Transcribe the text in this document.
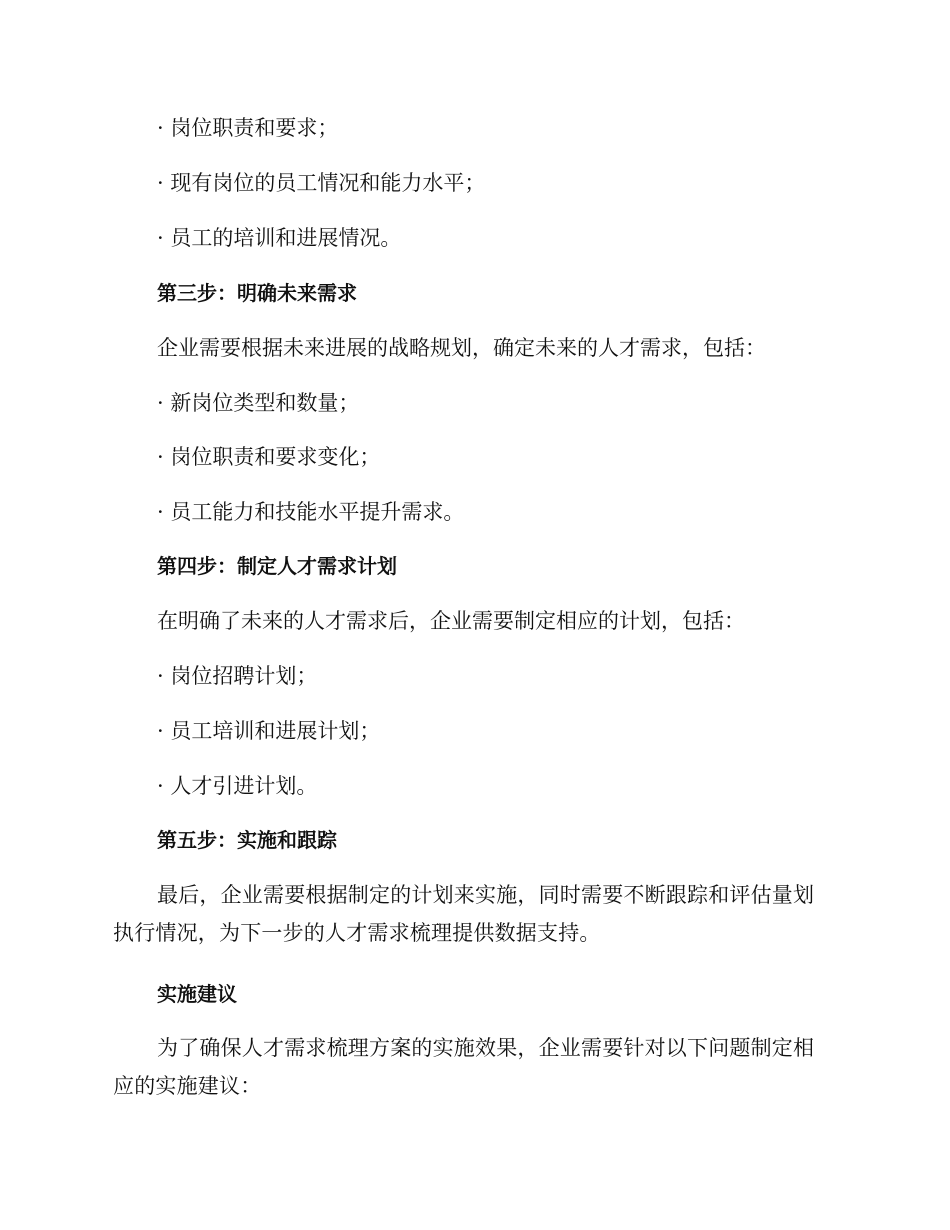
· 岗位职责和要求；
· 现有岗位的员工情况和能力水平；
· 员工的培训和进展情况。
第三步：明确未来需求
企业需要根据未来进展的战略规划，确定未来的人才需求，包括：
· 新岗位类型和数量；
· 岗位职责和要求变化；
· 员工能力和技能水平提升需求。
第四步：制定人才需求计划
在明确了未来的人才需求后，企业需要制定相应的计划，包括：
· 岗位招聘计划；
· 员工培训和进展计划；
· 人才引进计划。
第五步：实施和跟踪
最后，企业需要根据制定的计划来实施，同时需要不断跟踪和评估量划执行情况，为下一步的人才需求梳理提供数据支持。
实施建议
为了确保人才需求梳理方案的实施效果，企业需要针对以下问题制定相应的实施建议：
